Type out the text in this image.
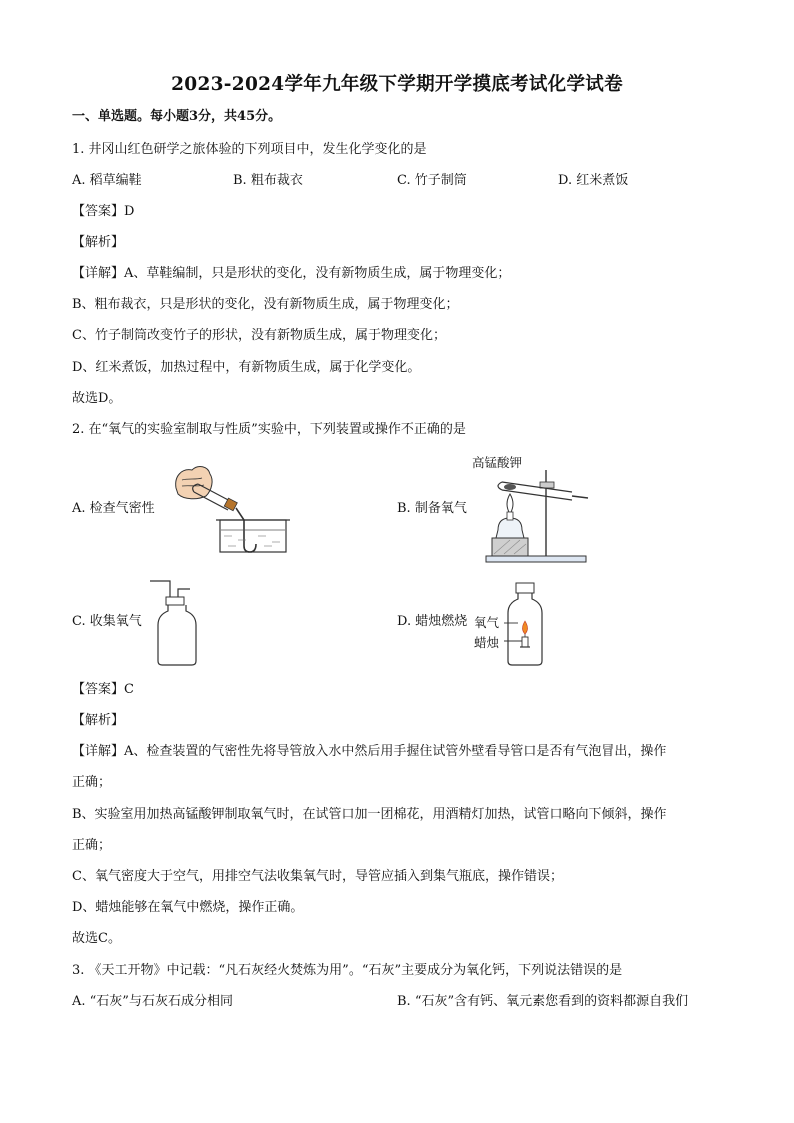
2023-2024学年九年级下学期开学摸底考试化学试卷
一、单选题。每小题3分，共45分。
1. 井冈山红色研学之旅体验的下列项目中，发生化学变化的是
A. 稻草编鞋	B. 粗布裁衣	C. 竹子制筒	D. 红米煮饭
【答案】D
【解析】
【详解】A、草鞋编制，只是形状的变化，没有新物质生成，属于物理变化；
B、粗布裁衣，只是形状的变化，没有新物质生成，属于物理变化；
C、竹子制筒改变竹子的形状，没有新物质生成，属于物理变化；
D、红米煮饭，加热过程中，有新物质生成，属于化学变化。
故选D。
2. 在“氧气的实验室制取与性质”实验中，下列装置或操作不正确的是
A. 检查气密性	B. 制备氧气
高锰酸钾
C. 收集氧气	D. 蜡烛燃烧 氧气
蜡烛
【答案】C
【解析】
【详解】A、检查装置的气密性先将导管放入水中然后用手握住试管外壁看导管口是否有气泡冒出，操作
正确；
B、实验室用加热高锰酸钾制取氧气时，在试管口加一团棉花，用酒精灯加热，试管口略向下倾斜，操作
正确；
C、氧气密度大于空气，用排空气法收集氧气时，导管应插入到集气瓶底，操作错误；
D、蜡烛能够在氧气中燃烧，操作正确。
故选C。
3. 《天工开物》中记载：“凡石灰经火焚炼为用”。“石灰”主要成分为氧化钙，下列说法错误的是
A. “石灰”与石灰石成分相同	B. “石灰”含有钙、氧元素您看到的资料都源自我们
